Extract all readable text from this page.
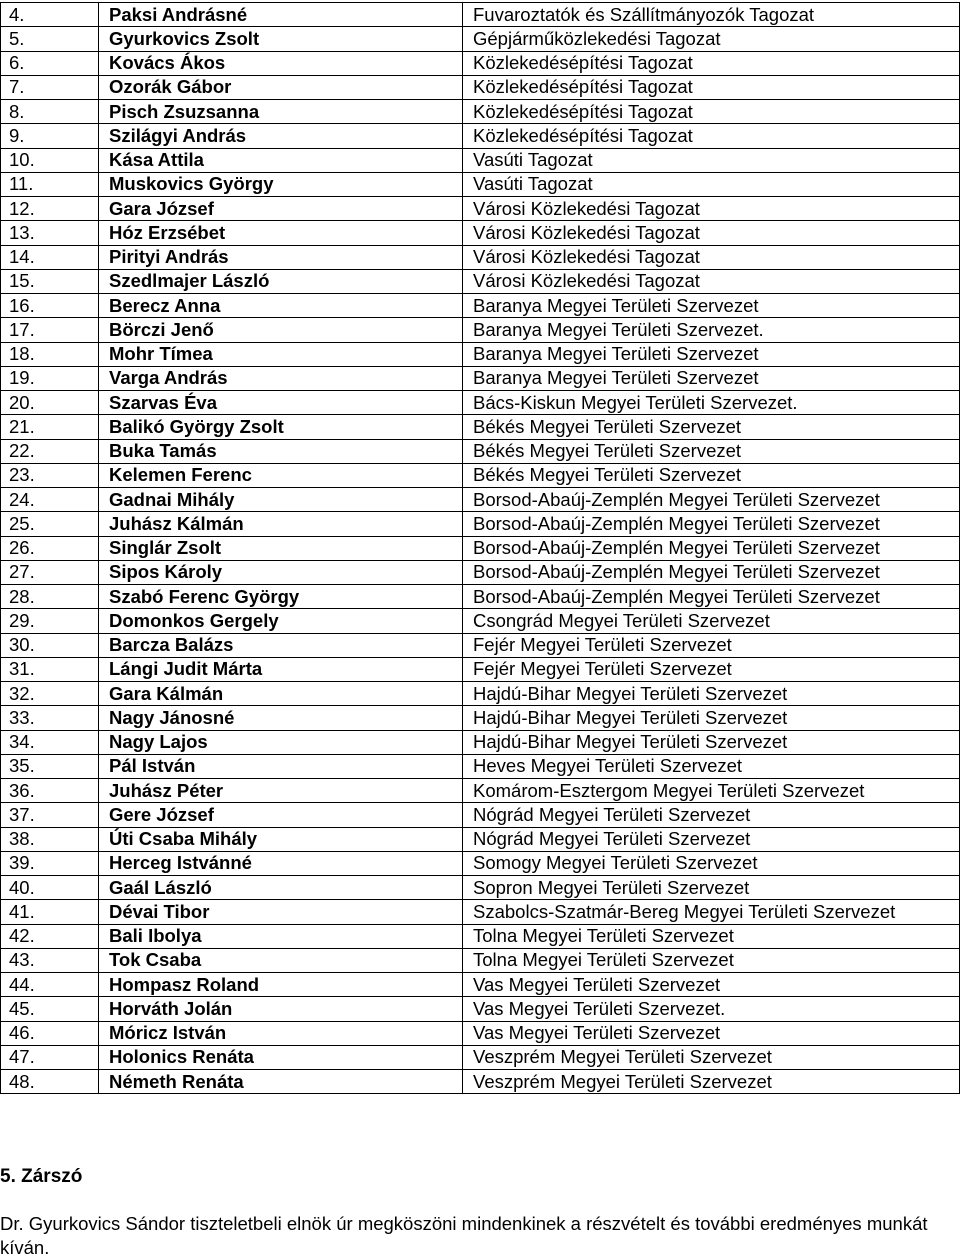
4.	Paksi Andrásné	Fuvaroztatók és Szállítmányozók Tagozat
5.	Gyurkovics Zsolt	Gépjárműközlekedési Tagozat
6.	Kovács Ákos	Közlekedésépítési Tagozat
7.	Ozorák Gábor	Közlekedésépítési Tagozat
8.	Pisch Zsuzsanna	Közlekedésépítési Tagozat
9.	Szilágyi András	Közlekedésépítési Tagozat
10.	Kása Attila	Vasúti Tagozat
11.	Muskovics György	Vasúti Tagozat
12.	Gara József	Városi Közlekedési Tagozat
13.	Hóz Erzsébet	Városi Közlekedési Tagozat
14.	Pirityi András	Városi Közlekedési Tagozat
15.	Szedlmajer László	Városi Közlekedési Tagozat
16.	Berecz Anna	Baranya Megyei Területi Szervezet
17.	Börczi Jenő	Baranya Megyei Területi Szervezet.
18.	Mohr Tímea	Baranya Megyei Területi Szervezet
19.	Varga András	Baranya Megyei Területi Szervezet
20.	Szarvas Éva	Bács-Kiskun Megyei Területi Szervezet.
21.	Balikó György Zsolt	Békés Megyei Területi Szervezet
22.	Buka Tamás	Békés Megyei Területi Szervezet
23.	Kelemen Ferenc	Békés Megyei Területi Szervezet
24.	Gadnai Mihály	Borsod-Abaúj-Zemplén Megyei Területi Szervezet
25.	Juhász Kálmán	Borsod-Abaúj-Zemplén Megyei Területi Szervezet
26.	Singlár Zsolt	Borsod-Abaúj-Zemplén Megyei Területi Szervezet
27.	Sipos Károly	Borsod-Abaúj-Zemplén Megyei Területi Szervezet
28.	Szabó Ferenc György	Borsod-Abaúj-Zemplén Megyei Területi Szervezet
29.	Domonkos Gergely	Csongrád Megyei Területi Szervezet
30.	Barcza Balázs	Fejér Megyei Területi Szervezet
31.	Lángi Judit Márta	Fejér Megyei Területi Szervezet
32.	Gara Kálmán	Hajdú-Bihar Megyei Területi Szervezet
33.	Nagy Jánosné	Hajdú-Bihar Megyei Területi Szervezet
34.	Nagy Lajos	Hajdú-Bihar Megyei Területi Szervezet
35.	Pál István	Heves Megyei Területi Szervezet
36.	Juhász Péter	Komárom-Esztergom Megyei Területi Szervezet
37.	Gere József	Nógrád Megyei Területi Szervezet
38.	Úti Csaba Mihály	Nógrád Megyei Területi Szervezet
39.	Herceg Istvánné	Somogy Megyei Területi Szervezet
40.	Gaál László	Sopron Megyei Területi Szervezet
41.	Dévai Tibor	Szabolcs-Szatmár-Bereg Megyei Területi Szervezet
42.	Bali Ibolya	Tolna Megyei Területi Szervezet
43.	Tok Csaba	Tolna Megyei Területi Szervezet
44.	Hompasz Roland	Vas Megyei Területi Szervezet
45.	Horváth Jolán	Vas Megyei Területi Szervezet.
46.	Móricz István	Vas Megyei Területi Szervezet
47.	Holonics Renáta	Veszprém Megyei Területi Szervezet
48.	Németh Renáta	Veszprém Megyei Területi Szervezet
5. Zárszó

Dr. Gyurkovics Sándor tiszteletbeli elnök úr megköszöni mindenkinek a részvételt és további eredményes munkát kíván.
